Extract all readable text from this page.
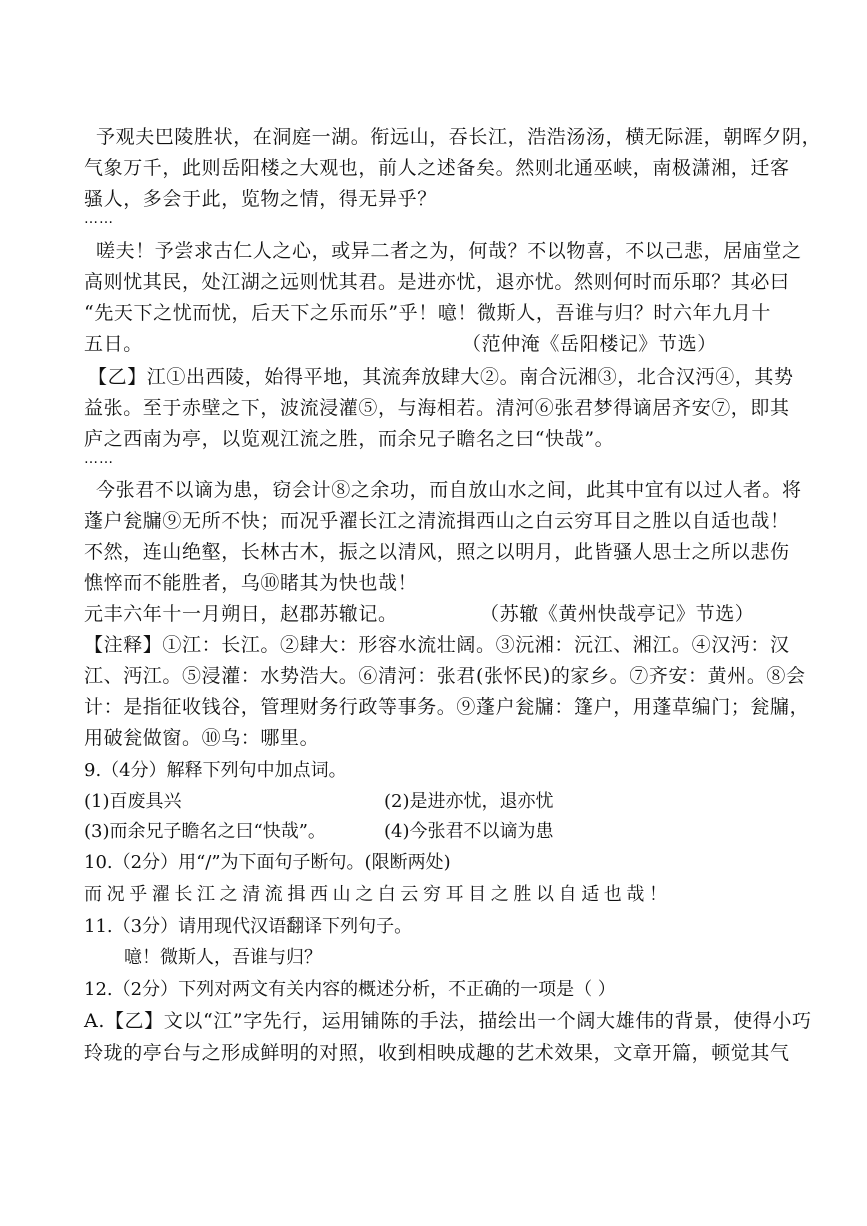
予观夫巴陵胜状，在洞庭一湖。衔远山，吞长江，浩浩汤汤，横无际涯，朝晖夕阴，
气象万千，此则岳阳楼之大观也，前人之述备矣。然则北通巫峡，南极潇湘，迁客
骚人，多会于此，览物之情，得无异乎？
……
嗟夫！予尝求古仁人之心，或异二者之为，何哉？不以物喜，不以己悲，居庙堂之
高则忧其民，处江湖之远则忧其君。是进亦忧，退亦忧。然则何时而乐耶？其必曰
“先天下之忧而忧，后天下之乐而乐”乎！噫！微斯人，吾谁与归？时六年九月十
五日。	（范仲淹《岳阳楼记》节选）
【乙】江①出西陵，始得平地，其流奔放肆大②。南合沅湘③，北合汉沔④，其势
益张。至于赤壁之下，波流浸灌⑤，与海相若。清河⑥张君梦得谪居齐安⑦，即其
庐之西南为亭，以览观江流之胜，而余兄子瞻名之曰“快哉”。
……
今张君不以谪为患，窃会计⑧之余功，而自放山水之间，此其中宜有以过人者。将
蓬户瓮牖⑨无所不快；而况乎濯长江之清流揖西山之白云穷耳目之胜以自适也哉！
不然，连山绝壑，长林古木，振之以清风，照之以明月，此皆骚人思士之所以悲伤
憔悴而不能胜者，乌⑩睹其为快也哉！
元丰六年十一月朔日，赵郡苏辙记。	（苏辙《黄州快哉亭记》节选）
【注释】①江：长江。②肆大：形容水流壮阔。③沅湘：沅江、湘江。④汉沔：汉
江、沔江。⑤浸灌：水势浩大。⑥清河：张君(张怀民)的家乡。⑦齐安：黄州。⑧会
计：是指征收钱谷，管理财务行政等事务。⑨蓬户瓮牖：篷户，用蓬草编门；瓮牖，
用破瓮做窗。⑩乌：哪里。
9.（4分）解释下列句中加点词。
(1)百废具兴	(2)是进亦忧，退亦忧
(3)而余兄子瞻名之曰“快哉”。	(4)今张君不以谪为患
10.（2分）用“/”为下面句子断句。(限断两处)
而况乎濯长江之清流揖西山之白云穷耳目之胜以自适也哉！
11.（3分）请用现代汉语翻译下列句子。
噫！微斯人，吾谁与归？
12.（2分）下列对两文有关内容的概述分析，不正确的一项是（ ）
A.【乙】文以“江”字先行，运用铺陈的手法，描绘出一个阔大雄伟的背景，使得小巧
玲珑的亭台与之形成鲜明的对照，收到相映成趣的艺术效果，文章开篇，顿觉其气
